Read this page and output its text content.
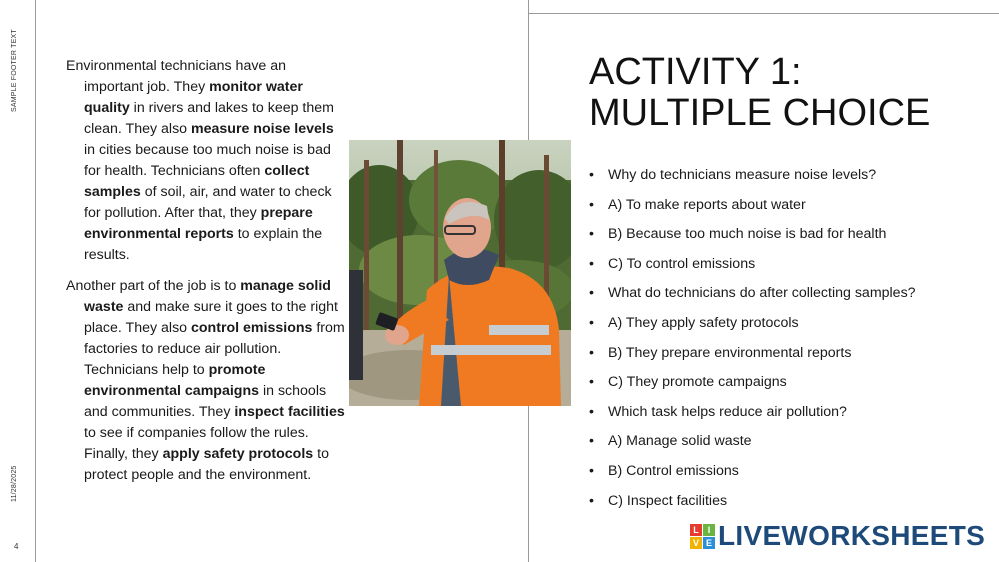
SAMPLE FOOTER TEXT
11/28/2025
4

Environmental technicians have an important job. They monitor water quality in rivers and lakes to keep them clean. They also measure noise levels in cities because too much noise is bad for health. Technicians often collect samples of soil, air, and water to check for pollution. After that, they prepare environmental reports to explain the results.

Another part of the job is to manage solid waste and make sure it goes to the right place. They also control emissions from factories to reduce air pollution. Technicians help to promote environmental campaigns in schools and communities. They inspect facilities to see if companies follow the rules. Finally, they apply safety protocols to protect people and the environment.

ACTIVITY 1:
MULTIPLE CHOICE
• Why do technicians measure noise levels?
• A) To make reports about water
• B) Because too much noise is bad for health
• C) To control emissions
• What do technicians do after collecting samples?
• A) They apply safety protocols
• B) They prepare environmental reports
• C) They promote campaigns
• Which task helps reduce air pollution?
• A) Manage solid waste
• B) Control emissions
• C) Inspect facilities
L I
V E LIVEWORKSHEETS
